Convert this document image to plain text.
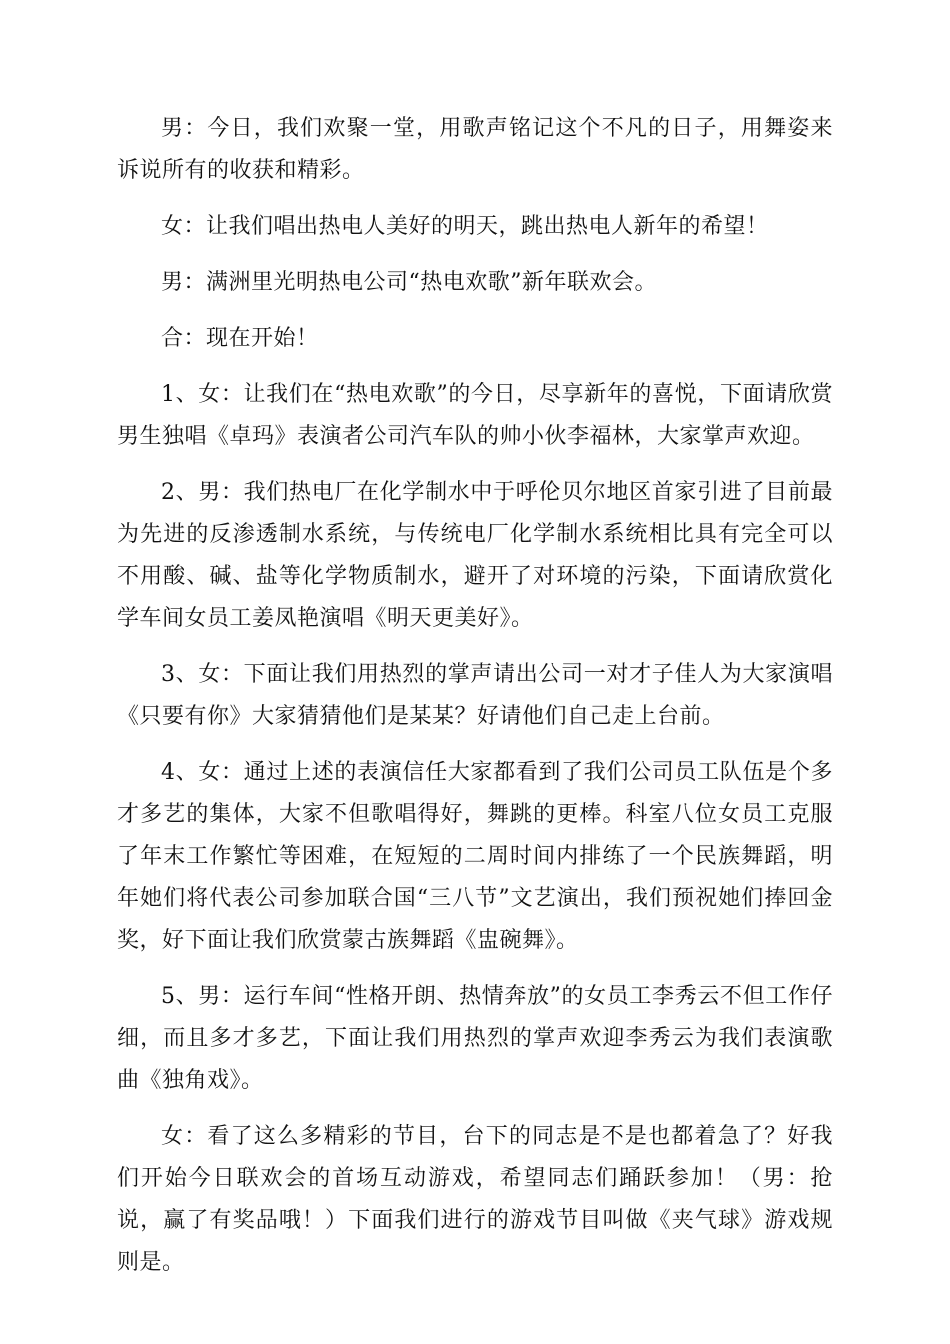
男：今日，我们欢聚一堂，用歌声铭记这个不凡的日子，用舞姿来诉说所有的收获和精彩。

女：让我们唱出热电人美好的明天，跳出热电人新年的希望！

男：满洲里光明热电公司“热电欢歌”新年联欢会。

合：现在开始！

1、女：让我们在“热电欢歌”的今日，尽享新年的喜悦，下面请欣赏男生独唱《卓玛》表演者公司汽车队的帅小伙李福林，大家掌声欢迎。

2、男：我们热电厂在化学制水中于呼伦贝尔地区首家引进了目前最为先进的反渗透制水系统，与传统电厂化学制水系统相比具有完全可以不用酸、碱、盐等化学物质制水，避开了对环境的污染，下面请欣赏化学车间女员工姜凤艳演唱《明天更美好》。

3、女：下面让我们用热烈的掌声请出公司一对才子佳人为大家演唱《只要有你》大家猜猜他们是某某？好请他们自己走上台前。

4、女：通过上述的表演信任大家都看到了我们公司员工队伍是个多才多艺的集体，大家不但歌唱得好，舞跳的更棒。科室八位女员工克服了年末工作繁忙等困难，在短短的二周时间内排练了一个民族舞蹈，明年她们将代表公司参加联合国“三八节”文艺演出，我们预祝她们捧回金奖，好下面让我们欣赏蒙古族舞蹈《盅碗舞》。

5、男：运行车间“性格开朗、热情奔放”的女员工李秀云不但工作仔细，而且多才多艺，下面让我们用热烈的掌声欢迎李秀云为我们表演歌曲《独角戏》。

女：看了这么多精彩的节目，台下的同志是不是也都着急了？好我们开始今日联欢会的首场互动游戏，希望同志们踊跃参加！（男：抢说，赢了有奖品哦！）下面我们进行的游戏节目叫做《夹气球》游戏规则是。
